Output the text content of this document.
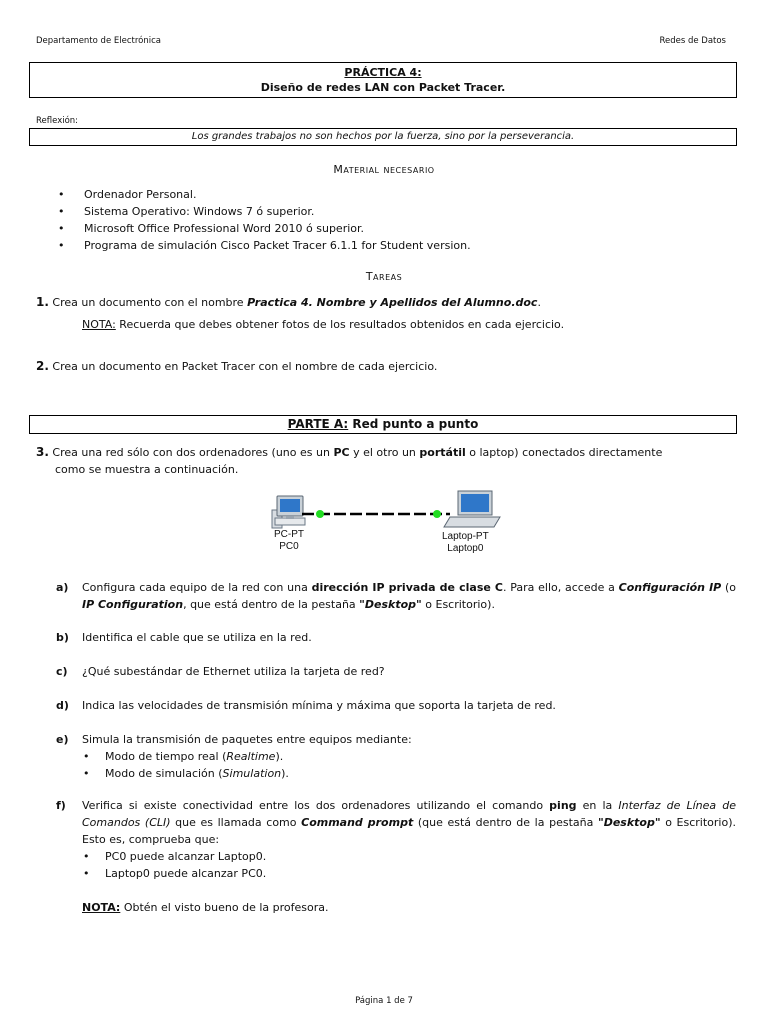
Departamento de Electrónica	Redes de Datos
PRÁCTICA 4:
Diseño de redes LAN con Packet Tracer.
Reflexión:
Los grandes trabajos no son hechos por la fuerza, sino por la perseverancia.
Material necesario
• Ordenador Personal.
• Sistema Operativo: Windows 7 ó superior.
• Microsoft Office Professional Word 2010 ó superior.
• Programa de simulación Cisco Packet Tracer 6.1.1 for Student version.
Tareas
1. Crea un documento con el nombre Practica 4. Nombre y Apellidos del Alumno.doc.
NOTA: Recuerda que debes obtener fotos de los resultados obtenidos en cada ejercicio.
2. Crea un documento en Packet Tracer con el nombre de cada ejercicio.
PARTE A: Red punto a punto
3. Crea una red sólo con dos ordenadores (uno es un PC y el otro un portátil o laptop) conectados directamente
como se muestra a continuación.
PC-PT
PC0
Laptop-PT
Laptop0
a) Configura cada equipo de la red con una dirección IP privada de clase C. Para ello, accede a Configuración IP (o IP Configuration, que está dentro de la pestaña "Desktop" o Escritorio).
b) Identifica el cable que se utiliza en la red.
c) ¿Qué subestándar de Ethernet utiliza la tarjeta de red?
d) Indica las velocidades de transmisión mínima y máxima que soporta la tarjeta de red.
e) Simula la transmisión de paquetes entre equipos mediante:
• Modo de tiempo real (Realtime).
• Modo de simulación (Simulation).
f) Verifica si existe conectividad entre los dos ordenadores utilizando el comando ping en la Interfaz de Línea de Comandos (CLI) que es llamada como Command prompt (que está dentro de la pestaña "Desktop" o Escritorio). Esto es, comprueba que:
• PC0 puede alcanzar Laptop0.
• Laptop0 puede alcanzar PC0.
NOTA: Obtén el visto bueno de la profesora.
Página 1 de 7
